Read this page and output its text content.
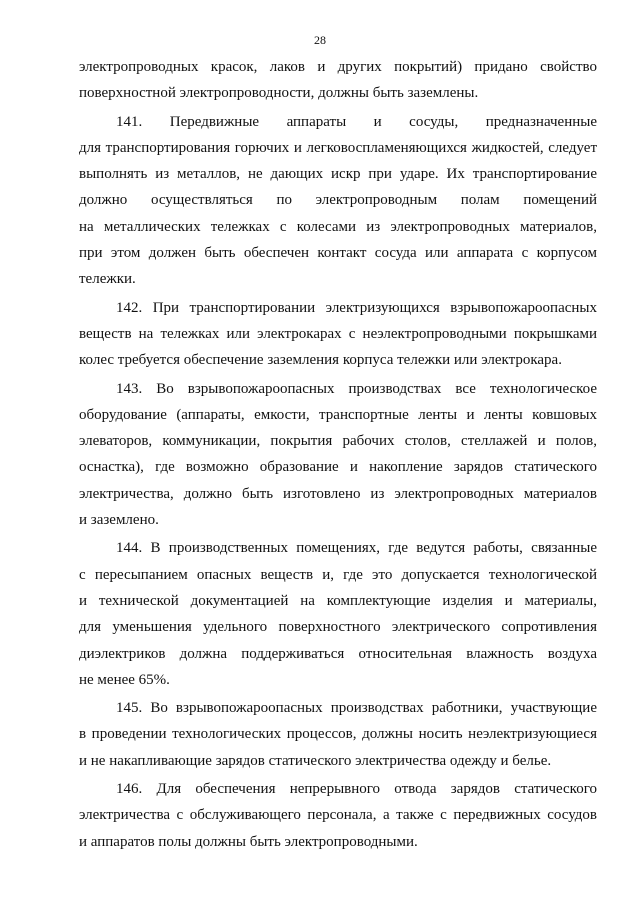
28
электропроводных красок, лаков и других покрытий) придано свойство
поверхностной электропроводности, должны быть заземлены.
141. Передвижные аппараты и сосуды, предназначенные
для транспортирования горючих и легковоспламеняющихся жидкостей, следует
выполнять из металлов, не дающих искр при ударе. Их транспортирование
должно осуществляться по электропроводным полам помещений
на металлических тележках с колесами из электропроводных материалов,
при этом должен быть обеспечен контакт сосуда или аппарата с корпусом
тележки.
142. При транспортировании электризующихся взрывопожароопасных
веществ на тележках или электрокарах с неэлектропроводными покрышками
колес требуется обеспечение заземления корпуса тележки или электрокара.
143. Во взрывопожароопасных производствах все технологическое
оборудование (аппараты, емкости, транспортные ленты и ленты ковшовых
элеваторов, коммуникации, покрытия рабочих столов, стеллажей и полов,
оснастка), где возможно образование и накопление зарядов статического
электричества, должно быть изготовлено из электропроводных материалов
и заземлено.
144. В производственных помещениях, где ведутся работы, связанные
с пересыпанием опасных веществ и, где это допускается технологической
и технической документацией на комплектующие изделия и материалы,
для уменьшения удельного поверхностного электрического сопротивления
диэлектриков должна поддерживаться относительная влажность воздуха
не менее 65%.
145. Во взрывопожароопасных производствах работники, участвующие
в проведении технологических процессов, должны носить неэлектризующиеся
и не накапливающие зарядов статического электричества одежду и белье.
146. Для обеспечения непрерывного отвода зарядов статического
электричества с обслуживающего персонала, а также с передвижных сосудов
и аппаратов полы должны быть электропроводными.
